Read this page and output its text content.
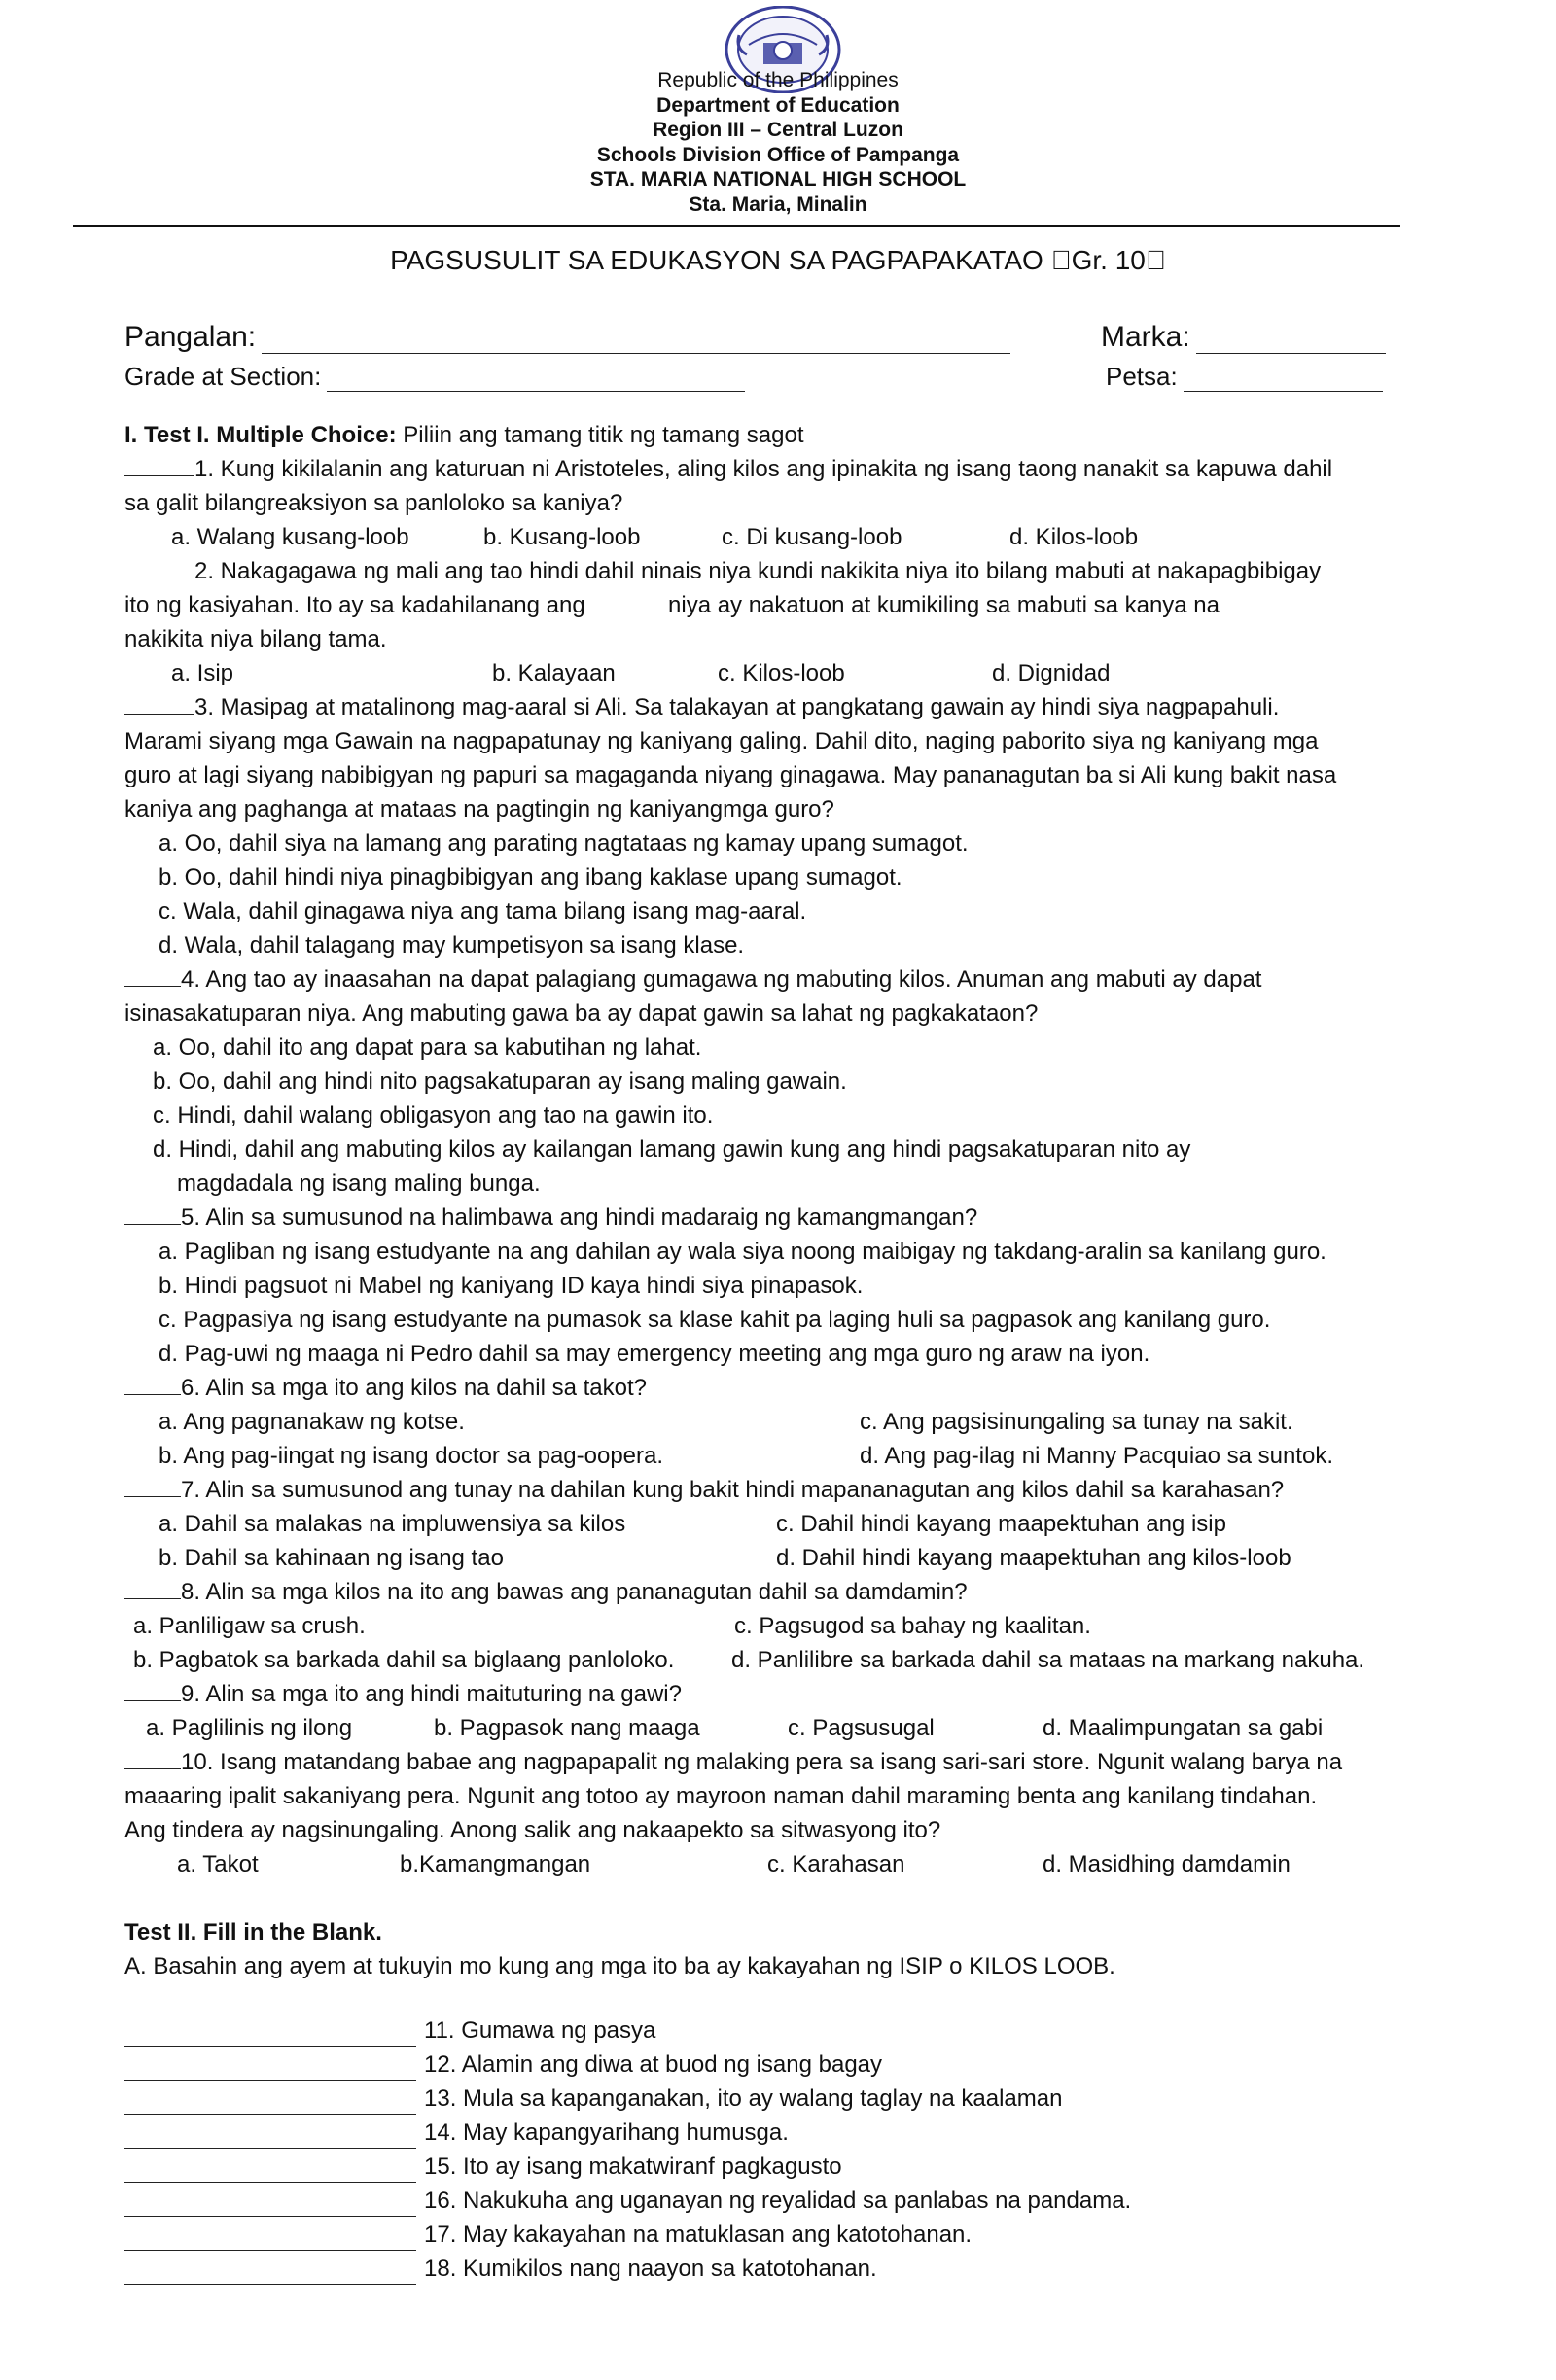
Republic of the Philippines
Department of Education
Region III – Central Luzon
Schools Division Office of Pampanga
STA. MARIA NATIONAL HIGH SCHOOL
Sta. Maria, Minalin
PAGSUSULIT SA EDUKASYON SA PAGPAPAKATAO Gr. 10
Pangalan:	Marka:
Grade at Section:	Petsa:
I. Test I. Multiple Choice: Piliin ang tamang titik ng tamang sagot
1. Kung kikilalanin ang katuruan ni Aristoteles, aling kilos ang ipinakita ng isang taong nanakit sa kapuwa dahil
sa galit bilangreaksiyon sa panloloko sa kaniya?
a. Walang kusang-loob	b. Kusang-loob	c. Di kusang-loob	d. Kilos-loob
2. Nakagagawa ng mali ang tao hindi dahil ninais niya kundi nakikita niya ito bilang mabuti at nakapagbibigay
ito ng kasiyahan. Ito ay sa kadahilanang ang	niya ay nakatuon at kumikiling sa mabuti sa kanya na
nakikita niya bilang tama.
a. Isip	b. Kalayaan	c. Kilos-loob	d. Dignidad
3. Masipag at matalinong mag-aaral si Ali. Sa talakayan at pangkatang gawain ay hindi siya nagpapahuli.
Marami siyang mga Gawain na nagpapatunay ng kaniyang galing. Dahil dito, naging paborito siya ng kaniyang mga
guro at lagi siyang nabibigyan ng papuri sa magaganda niyang ginagawa. May pananagutan ba si Ali kung bakit nasa
kaniya ang paghanga at mataas na pagtingin ng kaniyangmga guro?
a. Oo, dahil siya na lamang ang parating nagtataas ng kamay upang sumagot.
b. Oo, dahil hindi niya pinagbibigyan ang ibang kaklase upang sumagot.
c. Wala, dahil ginagawa niya ang tama bilang isang mag-aaral.
d. Wala, dahil talagang may kumpetisyon sa isang klase.
4. Ang tao ay inaasahan na dapat palagiang gumagawa ng mabuting kilos. Anuman ang mabuti ay dapat
isinasakatuparan niya. Ang mabuting gawa ba ay dapat gawin sa lahat ng pagkakataon?
a. Oo, dahil ito ang dapat para sa kabutihan ng lahat.
b. Oo, dahil ang hindi nito pagsakatuparan ay isang maling gawain.
c. Hindi, dahil walang obligasyon ang tao na gawin ito.
d. Hindi, dahil ang mabuting kilos ay kailangan lamang gawin kung ang hindi pagsakatuparan nito ay
magdadala ng isang maling bunga.
5. Alin sa sumusunod na halimbawa ang hindi madaraig ng kamangmangan?
a. Pagliban ng isang estudyante na ang dahilan ay wala siya noong maibigay ng takdang-aralin sa kanilang guro.
b. Hindi pagsuot ni Mabel ng kaniyang ID kaya hindi siya pinapasok.
c. Pagpasiya ng isang estudyante na pumasok sa klase kahit pa laging huli sa pagpasok ang kanilang guro.
d. Pag-uwi ng maaga ni Pedro dahil sa may emergency meeting ang mga guro ng araw na iyon.
6. Alin sa mga ito ang kilos na dahil sa takot?
a. Ang pagnanakaw ng kotse.	c. Ang pagsisinungaling sa tunay na sakit.
b. Ang pag-iingat ng isang doctor sa pag-oopera.	d. Ang pag-ilag ni Manny Pacquiao sa suntok.
7. Alin sa sumusunod ang tunay na dahilan kung bakit hindi mapananagutan ang kilos dahil sa karahasan?
a. Dahil sa malakas na impluwensiya sa kilos	c. Dahil hindi kayang maapektuhan ang isip
b. Dahil sa kahinaan ng isang tao	d. Dahil hindi kayang maapektuhan ang kilos-loob
8. Alin sa mga kilos na ito ang bawas ang pananagutan dahil sa damdamin?
a. Panliligaw sa crush.	c. Pagsugod sa bahay ng kaalitan.
b. Pagbatok sa barkada dahil sa biglaang panloloko. d. Panlilibre sa barkada dahil sa mataas na markang nakuha.
9. Alin sa mga ito ang hindi maituturing na gawi?
a. Paglilinis ng ilong	b. Pagpasok nang maaga	c. Pagsusugal	d. Maalimpungatan sa gabi
10. Isang matandang babae ang nagpapapalit ng malaking pera sa isang sari-sari store. Ngunit walang barya na
maaaring ipalit sakaniyang pera. Ngunit ang totoo ay mayroon naman dahil maraming benta ang kanilang tindahan.
Ang tindera ay nagsinungaling. Anong salik ang nakaapekto sa sitwasyong ito?
a. Takot	b.Kamangmangan	c. Karahasan	d. Masidhing damdamin
Test II. Fill in the Blank.
A. Basahin ang ayem at tukuyin mo kung ang mga ito ba ay kakayahan ng ISIP o KILOS LOOB.
11. Gumawa ng pasya
12. Alamin ang diwa at buod ng isang bagay
13. Mula sa kapanganakan, ito ay walang taglay na kaalaman
14. May kapangyarihang humusga.
15. Ito ay isang makatwiranf pagkagusto
16. Nakukuha ang uganayan ng reyalidad sa panlabas na pandama.
17. May kakayahan na matuklasan ang katotohanan.
18. Kumikilos nang naayon sa katotohanan.
